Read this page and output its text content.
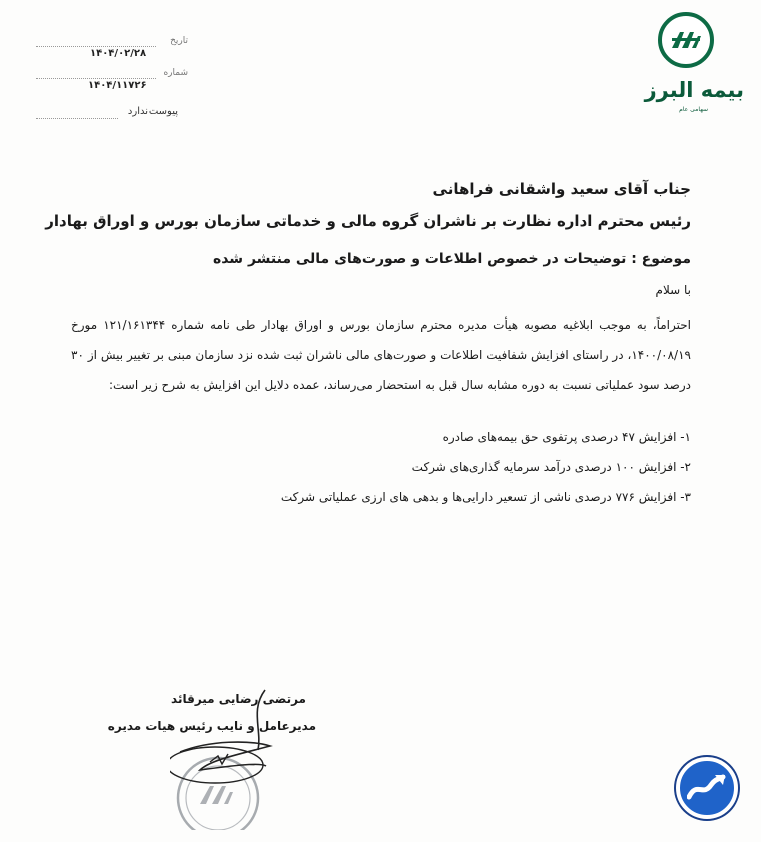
بیمه البرز
سهامی عام
تاریخ
۱۴۰۴/۰۲/۲۸
شماره
۱۴۰۴/۱۱۷۲۶
پیوست
ندارد
جناب آقای سعید واشقانی فراهانی
رئیس محترم اداره نظارت بر ناشران گروه مالی و خدماتی سازمان بورس و اوراق بهادار
موضوع : توضیحات در خصوص اطلاعات و صورت‌های مالی منتشر شده
با سلام
احتراماً، به موجب ابلاغیه مصوبه هیأت مدیره محترم سازمان بورس و اوراق بهادار طی نامه شماره ۱۲۱/۱۶۱۳۴۴ مورخ ۱۴۰۰/۰۸/۱۹، در راستای افزایش شفافیت اطلاعات و صورت‌های مالی ناشران ثبت شده نزد سازمان مبنی بر تغییر بیش از ۳۰ درصد سود عملیاتی نسبت به دوره مشابه سال قبل به استحضار می‌رساند، عمده دلایل این افزایش به شرح زیر است:
۱- افزایش ۴۷ درصدی پرتفوی حق بیمه‌های صادره
۲- افزایش ۱۰۰ درصدی درآمد سرمایه گذاری‌های شرکت
۳- افزایش ۷۷۶ درصدی ناشی از تسعیر دارایی‌ها و بدهی های ارزی عملیاتی شرکت
مرتضی رضایی میرقائد
مدیرعامل و نایب رئیس هیات مدیره
